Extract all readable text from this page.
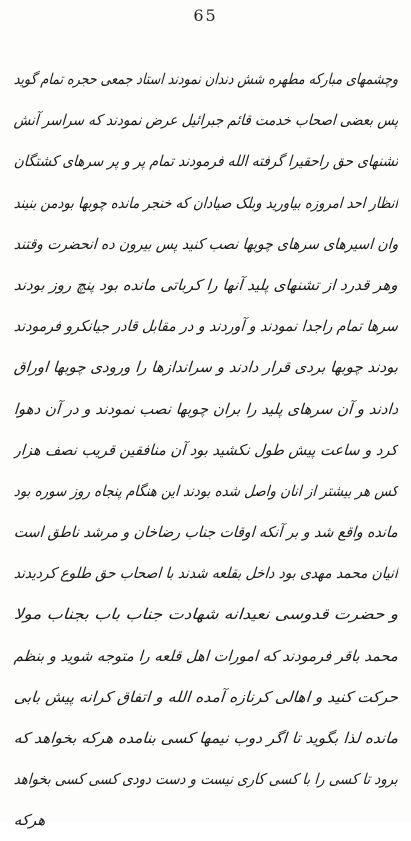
65
وچشمهای مبارکه مطهره شش دندان نمودند استاد جمعی حجره تمام گوید
پس بعضی اصحاب خدمت قائم جبرائیل عرض نمودند که سراسر آنش
تشنهای حق راحقیرا گرفته الله فرمودند تمام پر و پر سرهای کشتگان
انظار احد امروزه بیاورید وبلک صیادان که خنجر مانده چوبها بودمن بنیند
وان اسیرهای سرهای چوبها نصب کنید پس بیرون ده انحضرت وقتند
وهر قدرد از تشنهای پلید آنها را کرباتی مانده بود پنچ روز بودند
سرها تمام راجدا نمودند و آوردند و در مقابل قادر جیانکرو فرمودند
بودند چوبها بردی قرار دادند و سراندازها را ورودی چوبها اوراق
دادند و آن سرهای پلید را بران چوبها نصب نمودند و در آن دهوا
کرد و ساعت پیش طول نکشید بود آن منافقین قریب نصف هزار
کس هر بیشتر از انان واصل شده بودند این هنگام پنجاه روز سوره بود
مانده واقع شد و بر آنکه اوقات جناب رضاخان و مرشد ناطق است
انیان محمد مهدی بود داخل بقلعه شدند با اصحاب حق طلوع کردیدند
و حضرت قدوسی نعیدانه شهادت جناب باب بجناب مولا
محمد باقر فرمودند که امورات اهل قلعه را متوجه شوید و بنظم
حرکت کنید و اهالی کرنازه آمده الله و اتفاق کرانه پیش بابی
مانده لذا بگوید تا اگر دوب نیمها کسی بنامده هرکه بخواهد که
برود تا کسی را با کسی کاری نیست و دست دودی کسی کسی بخواهد
هرکه
